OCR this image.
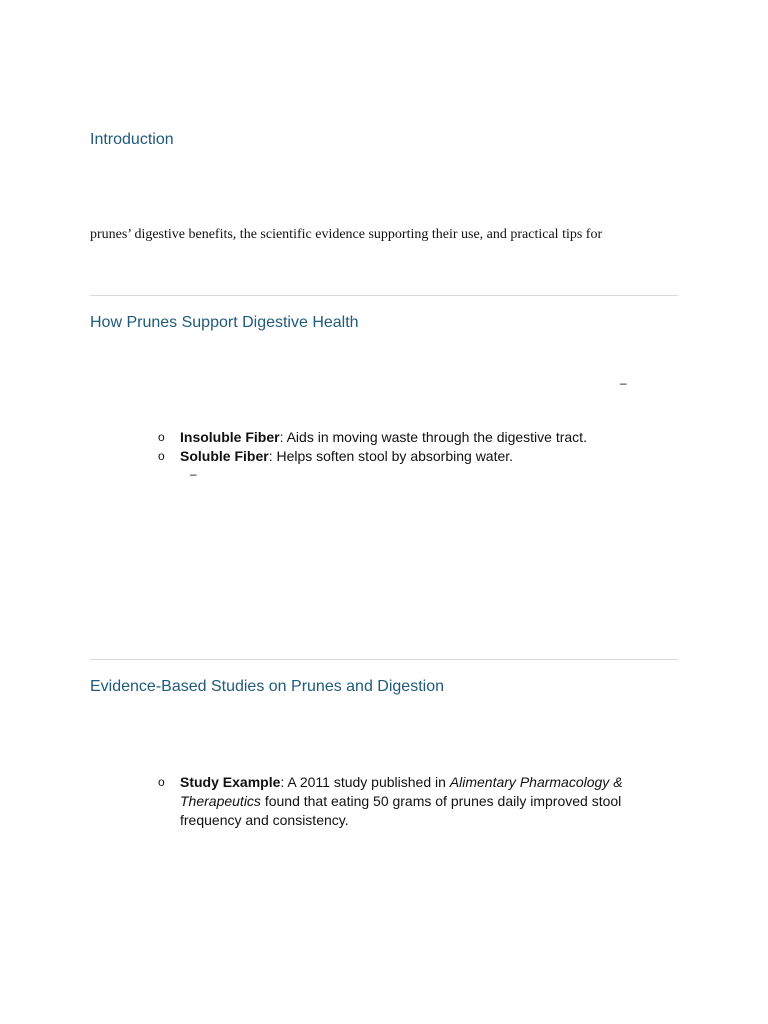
Introduction

prunes’ digestive benefits, the scientific evidence supporting their use, and practical tips for

How Prunes Support Digestive Health
–
o Insoluble Fiber: Aids in moving waste through the digestive tract.
o Soluble Fiber: Helps soften stool by absorbing water.
–
Evidence-Based Studies on Prunes and Digestion
o Study Example: A 2011 study published in Alimentary Pharmacology & Therapeutics found that eating 50 grams of prunes daily improved stool frequency and consistency.
